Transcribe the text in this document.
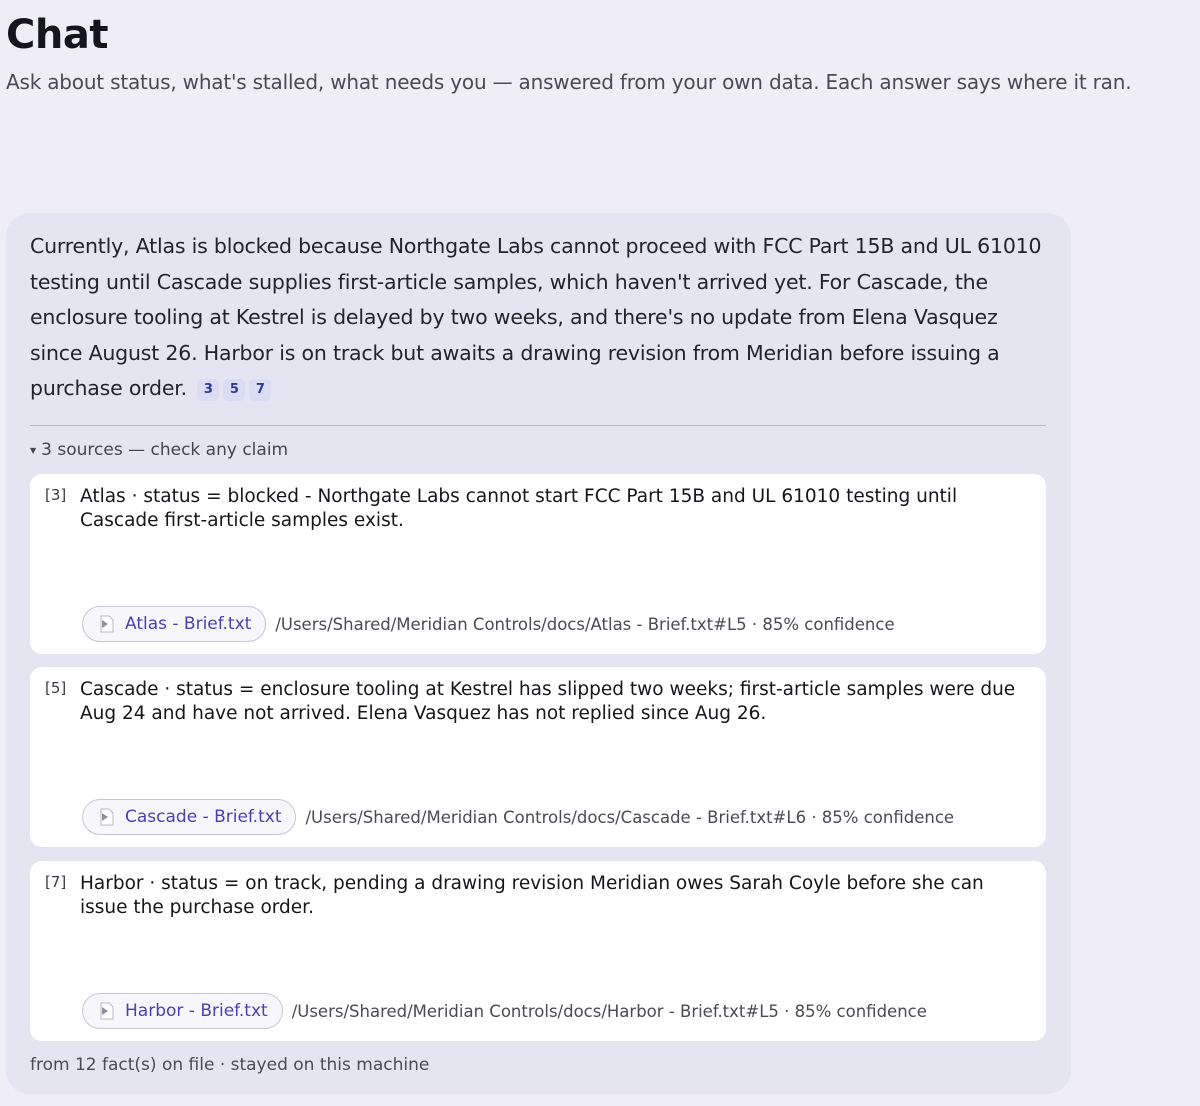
Chat
Ask about status, what's stalled, what needs you — answered from your own data. Each answer says where it ran.
Currently, Atlas is blocked because Northgate Labs cannot proceed with FCC Part 15B and UL 61010 testing until Cascade supplies first-article samples, which haven't arrived yet. For Cascade, the enclosure tooling at Kestrel is delayed by two weeks, and there's no update from Elena Vasquez since August 26. Harbor is on track but awaits a drawing revision from Meridian before issuing a purchase order. 3 5 7
▼ 3 sources — check any claim
[3] Atlas · status = blocked - Northgate Labs cannot start FCC Part 15B and UL 61010 testing until Cascade first-article samples exist.
Atlas - Brief.txt /Users/Shared/Meridian Controls/docs/Atlas - Brief.txt#L5 · 85% confidence
[5] Cascade · status = enclosure tooling at Kestrel has slipped two weeks; first-article samples were due Aug 24 and have not arrived. Elena Vasquez has not replied since Aug 26.
Cascade - Brief.txt /Users/Shared/Meridian Controls/docs/Cascade - Brief.txt#L6 · 85% confidence
[7] Harbor · status = on track, pending a drawing revision Meridian owes Sarah Coyle before she can issue the purchase order.
Harbor - Brief.txt /Users/Shared/Meridian Controls/docs/Harbor - Brief.txt#L5 · 85% confidence
from 12 fact(s) on file · stayed on this machine
